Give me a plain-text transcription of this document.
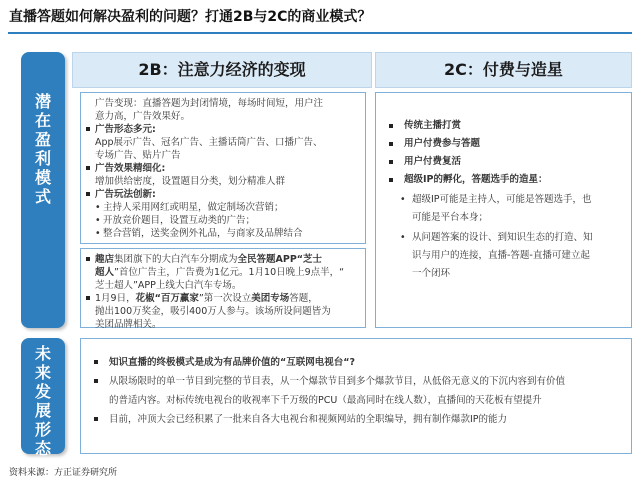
直播答题如何解决盈利的问题？打通2B与2C的商业模式？
潜
在
盈
利
模
式
未
来
发
展
形
态
2B：注意力经济的变现	2C：付费与造星

广告变现：直播答题为封闭情境，每场时间短，用户注

意力高，广告效果好。

广告形态多元:

App展示广告、冠名广告、主播话筒广告、口播广告、

专场广告、贴片广告

广告效果精细化:

增加供给密度，设置题目分类，划分精准人群

广告玩法创新:

• 主持人采用网红或明星，做定制场次营销；

• 开放竞价题目，设置互动类的广告；

• 整合营销，送奖金例外礼品，与商家及品牌结合

趣店集团旗下的大白汽车分期成为全民答题APP“芝士

超人”首位广告主，广告费为1亿元。1月10日晚上9点半，“

芝士超人”APP上线大白汽车专场。

1月9日，花椒“百万赢家”第一次设立美团专场答题，

抛出100万奖金，吸引400万人参与。该场所设问题皆为

美团品牌相关。

传统主播打赏
用户付费参与答题
用户付费复活
超级IP的孵化，答题选手的造星：
• 超级IP可能是主持人，可能是答题选手，也
可能是平台本身；
• 从问题答案的设计、到知识生态的打造、知
识与用户的连接，直播-答题-直播可建立起
一个闭环
知识直播的终极模式是成为有品牌价值的“互联网电视台“?
从限场限时的单一节目到完整的节目表，从一个爆款节目到多个爆款节目，从低俗无意义的下沉内容到有价值
的普适内容。对标传统电视台的收视率下千万级的PCU（最高同时在线人数），直播间的天花板有望提升
目前，冲顶大会已经积累了一批来自各大电视台和视频网站的全职编导，拥有制作爆款IP的能力
资料来源：方正证券研究所
